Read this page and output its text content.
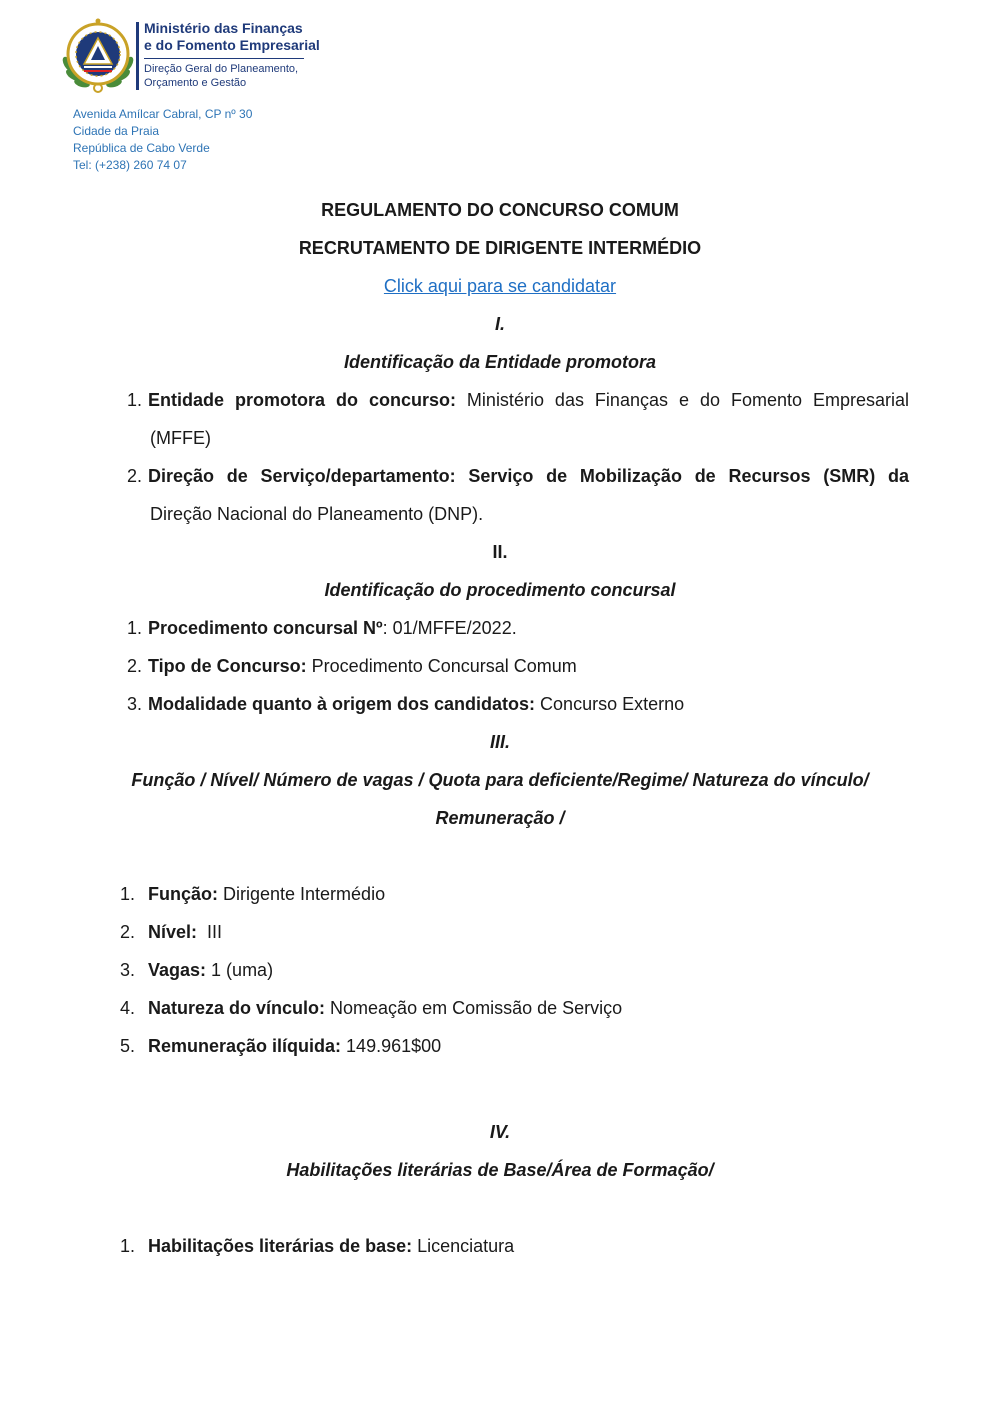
Ministério das Finanças
e do Fomento Empresarial
Direção Geral do Planeamento,
Orçamento e Gestão
Avenida Amílcar Cabral, CP nº 30
Cidade da Praia
República de Cabo Verde
Tel: (+238) 260 74 07
REGULAMENTO DO CONCURSO COMUM
RECRUTAMENTO DE DIRIGENTE INTERMÉDIO
Click aqui para se candidatar
I.
Identificação da Entidade promotora
1. Entidade promotora do concurso: Ministério das Finanças e do Fomento Empresarial
(MFFE)
2. Direção de Serviço/departamento: Serviço de Mobilização de Recursos (SMR) da
Direção Nacional do Planeamento (DNP).
II.
Identificação do procedimento concursal
1. Procedimento concursal Nº: 01/MFFE/2022.
2. Tipo de Concurso: Procedimento Concursal Comum
3. Modalidade quanto à origem dos candidatos: Concurso Externo
III.
Função / Nível/ Número de vagas / Quota para deficiente/Regime/ Natureza do vínculo/
Remuneração /
1. Função: Dirigente Intermédio
2. Nível:  III
3. Vagas: 1 (uma)
4. Natureza do vínculo: Nomeação em Comissão de Serviço
5. Remuneração ilíquida: 149.961$00
IV.
Habilitações literárias de Base/Área de Formação/
1. Habilitações literárias de base: Licenciatura
